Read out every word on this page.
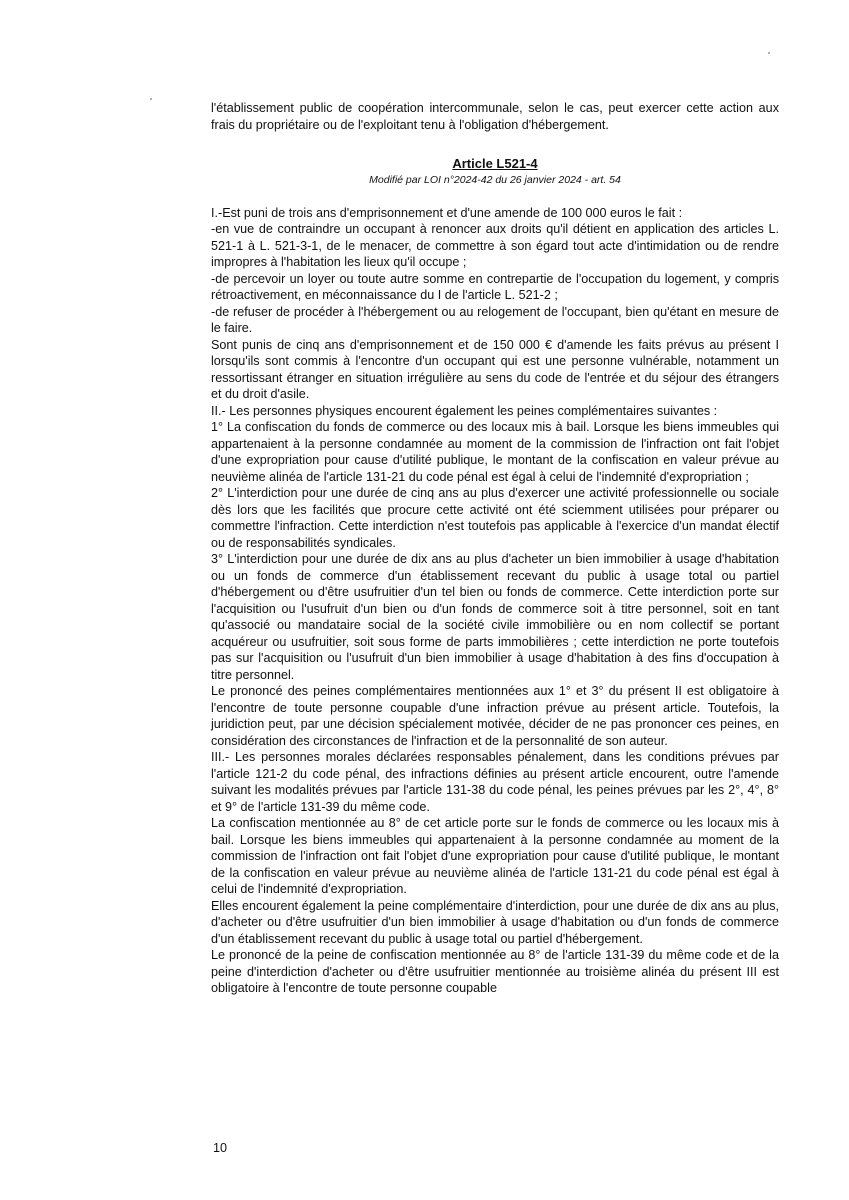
l'établissement public de coopération intercommunale, selon le cas, peut exercer cette action aux frais du propriétaire ou de l'exploitant tenu à l'obligation d'hébergement.

Article L521-4
Modifié par LOI n°2024-42 du 26 janvier 2024 - art. 54

I.-Est puni de trois ans d'emprisonnement et d'une amende de 100 000 euros le fait :

-en vue de contraindre un occupant à renoncer aux droits qu'il détient en application des articles L. 521-1 à L. 521-3-1, de le menacer, de commettre à son égard tout acte d'intimidation ou de rendre impropres à l'habitation les lieux qu'il occupe ;

-de percevoir un loyer ou toute autre somme en contrepartie de l'occupation du logement, y compris rétroactivement, en méconnaissance du I de l'article L. 521-2 ;

-de refuser de procéder à l'hébergement ou au relogement de l'occupant, bien qu'étant en mesure de le faire.

Sont punis de cinq ans d'emprisonnement et de 150 000 € d'amende les faits prévus au présent I lorsqu'ils sont commis à l'encontre d'un occupant qui est une personne vulnérable, notamment un ressortissant étranger en situation irrégulière au sens du code de l'entrée et du séjour des étrangers et du droit d'asile.

II.- Les personnes physiques encourent également les peines complémentaires suivantes :

1° La confiscation du fonds de commerce ou des locaux mis à bail. Lorsque les biens immeubles qui appartenaient à la personne condamnée au moment de la commission de l'infraction ont fait l'objet d'une expropriation pour cause d'utilité publique, le montant de la confiscation en valeur prévue au neuvième alinéa de l'article 131-21 du code pénal est égal à celui de l'indemnité d'expropriation ;

2° L'interdiction pour une durée de cinq ans au plus d'exercer une activité professionnelle ou sociale dès lors que les facilités que procure cette activité ont été sciemment utilisées pour préparer ou commettre l'infraction. Cette interdiction n'est toutefois pas applicable à l'exercice d'un mandat électif ou de responsabilités syndicales.

3° L'interdiction pour une durée de dix ans au plus d'acheter un bien immobilier à usage d'habitation ou un fonds de commerce d'un établissement recevant du public à usage total ou partiel d'hébergement ou d'être usufruitier d'un tel bien ou fonds de commerce. Cette interdiction porte sur l'acquisition ou l'usufruit d'un bien ou d'un fonds de commerce soit à titre personnel, soit en tant qu'associé ou mandataire social de la société civile immobilière ou en nom collectif se portant acquéreur ou usufruitier, soit sous forme de parts immobilières ; cette interdiction ne porte toutefois pas sur l'acquisition ou l'usufruit d'un bien immobilier à usage d'habitation à des fins d'occupation à titre personnel.

Le prononcé des peines complémentaires mentionnées aux 1° et 3° du présent II est obligatoire à l'encontre de toute personne coupable d'une infraction prévue au présent article. Toutefois, la juridiction peut, par une décision spécialement motivée, décider de ne pas prononcer ces peines, en considération des circonstances de l'infraction et de la personnalité de son auteur.

III.- Les personnes morales déclarées responsables pénalement, dans les conditions prévues par l'article 121-2 du code pénal, des infractions définies au présent article encourent, outre l'amende suivant les modalités prévues par l'article 131-38 du code pénal, les peines prévues par les 2°, 4°, 8° et 9° de l'article 131-39 du même code.

La confiscation mentionnée au 8° de cet article porte sur le fonds de commerce ou les locaux mis à bail. Lorsque les biens immeubles qui appartenaient à la personne condamnée au moment de la commission de l'infraction ont fait l'objet d'une expropriation pour cause d'utilité publique, le montant de la confiscation en valeur prévue au neuvième alinéa de l'article 131-21 du code pénal est égal à celui de l'indemnité d'expropriation.

Elles encourent également la peine complémentaire d'interdiction, pour une durée de dix ans au plus, d'acheter ou d'être usufruitier d'un bien immobilier à usage d'habitation ou d'un fonds de commerce d'un établissement recevant du public à usage total ou partiel d'hébergement.

Le prononcé de la peine de confiscation mentionnée au 8° de l'article 131-39 du même code et de la peine d'interdiction d'acheter ou d'être usufruitier mentionnée au troisième alinéa du présent III est obligatoire à l'encontre de toute personne coupable

10
